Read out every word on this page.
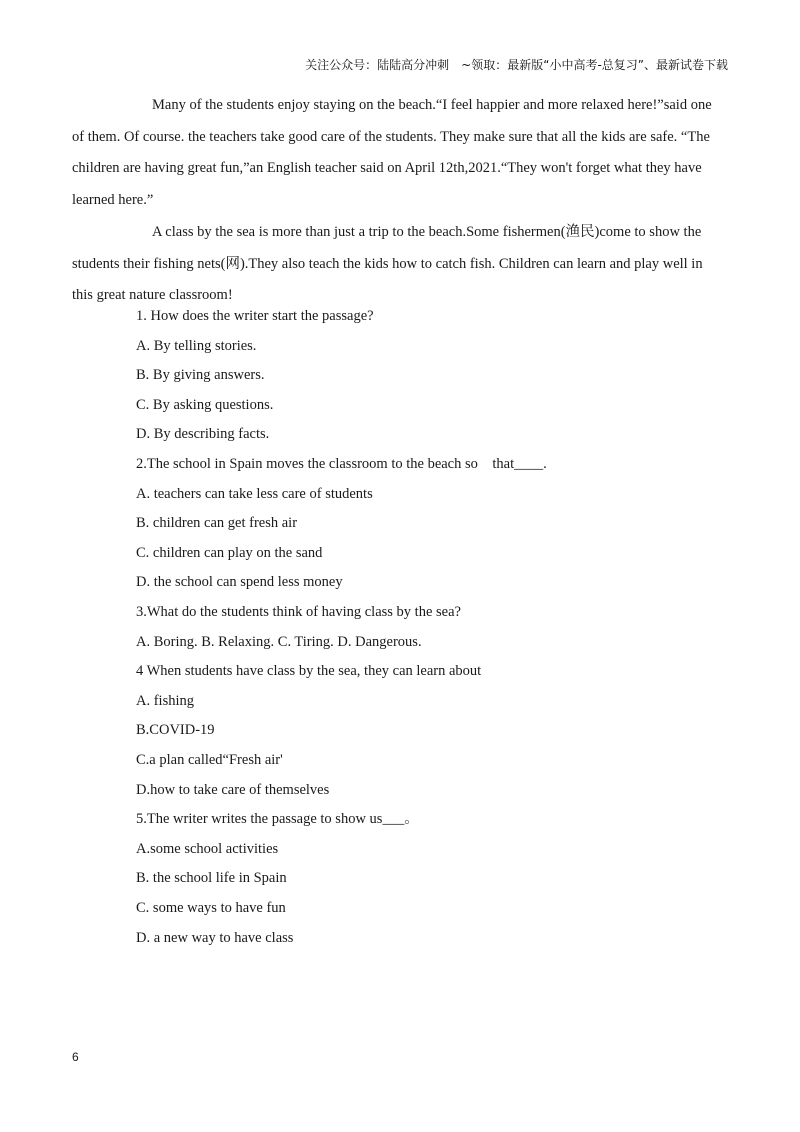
关注公众号：陆陆高分冲刺　~领取：最新版“小中高考-总复习”、最新试卷下载

Many of the students enjoy staying on the beach.“I feel happier and more relaxed here!”said one of them. Of course. the teachers take good care of the students. They make sure that all the kids are safe. “The children are having great fun,”an English teacher said on April 12th,2021.“They won't forget what they have learned here.”

A class by the sea is more than just a trip to the beach.Some fishermen(渔民)come to show the students their fishing nets(网).They also teach the kids how to catch fish. Children can learn and play well in this great nature classroom!

1. How does the writer start the passage?
A. By telling stories.
B. By giving answers.
C. By asking questions.
D. By describing facts.
2.The school in Spain moves the classroom to the beach so　that____.
A. teachers can take less care of students
B. children can get fresh air
C. children can play on the sand
D. the school can spend less money
3.What do the students think of having class by the sea?
A. Boring. B. Relaxing. C. Tiring. D. Dangerous.
4 When students have class by the sea, they can learn about
A. fishing
B.COVID-19
C.a plan called“Fresh air'
D.how to take care of themselves
5.The writer writes the passage to show us___。
A.some school activities
B. the school life in Spain
C. some ways to have fun
D. a new way to have class
6
